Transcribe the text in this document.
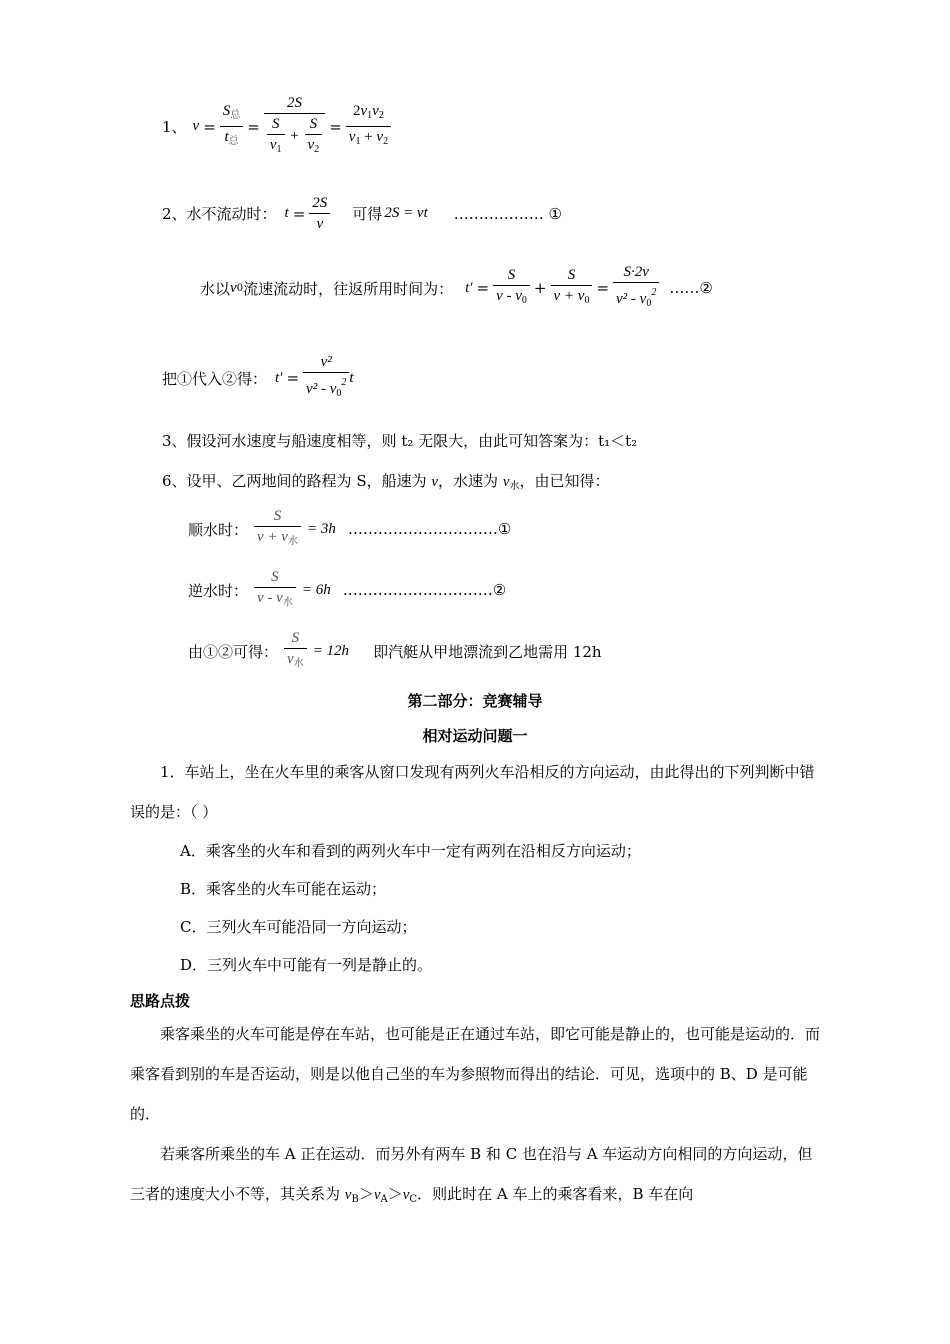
1、 $v = \frac{S_总}{t_总} = \frac{2S}{\frac{S}{v_1} + \frac{S}{v_2}} = \frac{2v_1v_2}{v_1 + v_2}$
2、水不流动时： $t = \frac{2S}{v}$ 可得 2S = vt ……………… ①
水以 v 0 流速流动时，往返所用时间为： $t' = \frac{S}{v - v_0} + \frac{S}{v + v_0} = \frac{S\cdot 2v}{v^2 - v_0^2}$ ……②
把①代入②得： $t' = \frac{\text{v²}}{v^2 - v_0^2}$ t
3、假设河水速度与船速度相等，则 t₂ 无限大，由此可知答案为：t₁＜t₂
6、设甲、乙两地间的路程为 S，船速为 v，水速为 $v_水$，由已知得：
顺水时： $\frac{S}{v + v_水} = 3h$ …………………………①
逆水时： $\frac{S}{v - v_水} = 6h$ …………………………②
由①②可得： $\frac{S}{v_水} = 12h$ 即汽艇从甲地漂流到乙地需用 12h
第二部分：竞赛辅导
相对运动问题一
1．车站上，坐在火车里的乘客从窗口发现有两列火车沿相反的方向运动，由此得出的下列判断中错误的是：（ ）
A．乘客坐的火车和看到的两列火车中一定有两列在沿相反方向运动；
B．乘客坐的火车可能在运动；
C．三列火车可能沿同一方向运动；
D．三列火车中可能有一列是静止的。
思路点拨
乘客乘坐的火车可能是停在车站，也可能是正在通过车站，即它可能是静止的，也可能是运动的．而乘客看到别的车是否运动，则是以他自己坐的车为参照物而得出的结论．可见，选项中的 B、D 是可能的．
若乘客所乘坐的车 A 正在运动．而另外有两车 B 和 C 也在沿与 A 车运动方向相同的方向运动，但三者的速度大小不等，其关系为 $v_B>v_A>v_C$．则此时在 A 车上的乘客看来，B 车在向
